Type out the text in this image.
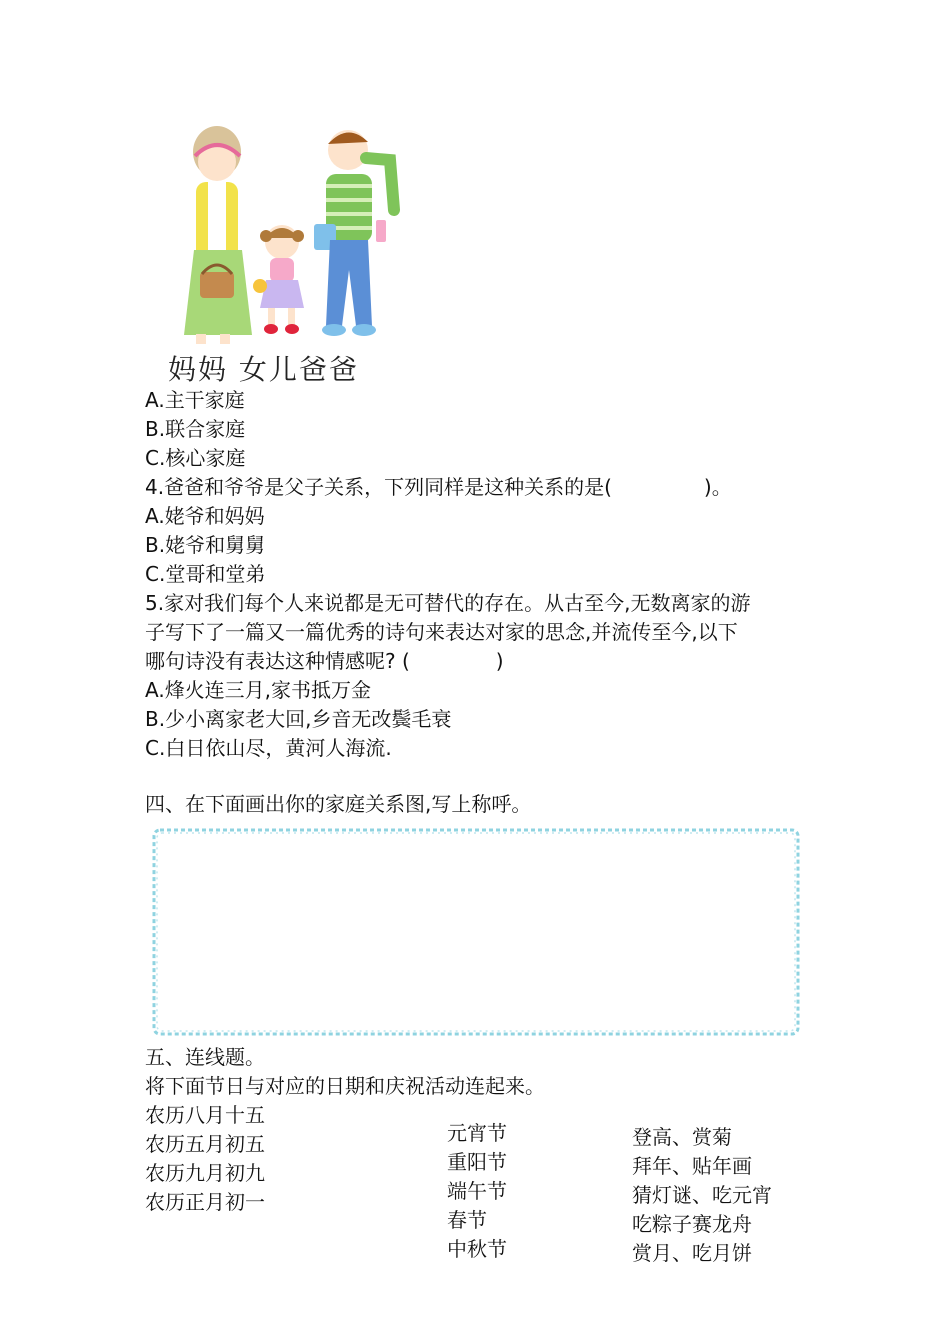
妈妈 女儿爸爸
A.主干家庭
B.联合家庭
C.核心家庭
4.爸爸和爷爷是父子关系，下列同样是这种关系的是(	)。
A.姥爷和妈妈
B.姥爷和舅舅
C.堂哥和堂弟
5.家对我们每个人来说都是无可替代的存在。从古至今,无数离家的游
子写下了一篇又一篇优秀的诗句来表达对家的思念,并流传至今,以下
哪句诗没有表达这种情感呢? (	)
A.烽火连三月,家书抵万金
B.少小离家老大回,乡音无改鬓毛衰
C.白日依山尽，黄河人海流.
四、在下面画出你的家庭关系图,写上称呼。
五、连线题。
将下面节日与对应的日期和庆祝活动连起来。
农历八月十五
农历五月初五
农历九月初九
农历正月初一
元宵节
重阳节
端午节
春节
中秋节
登高、赏菊
拜年、贴年画
猜灯谜、吃元宵
吃粽子赛龙舟
赏月、吃月饼
